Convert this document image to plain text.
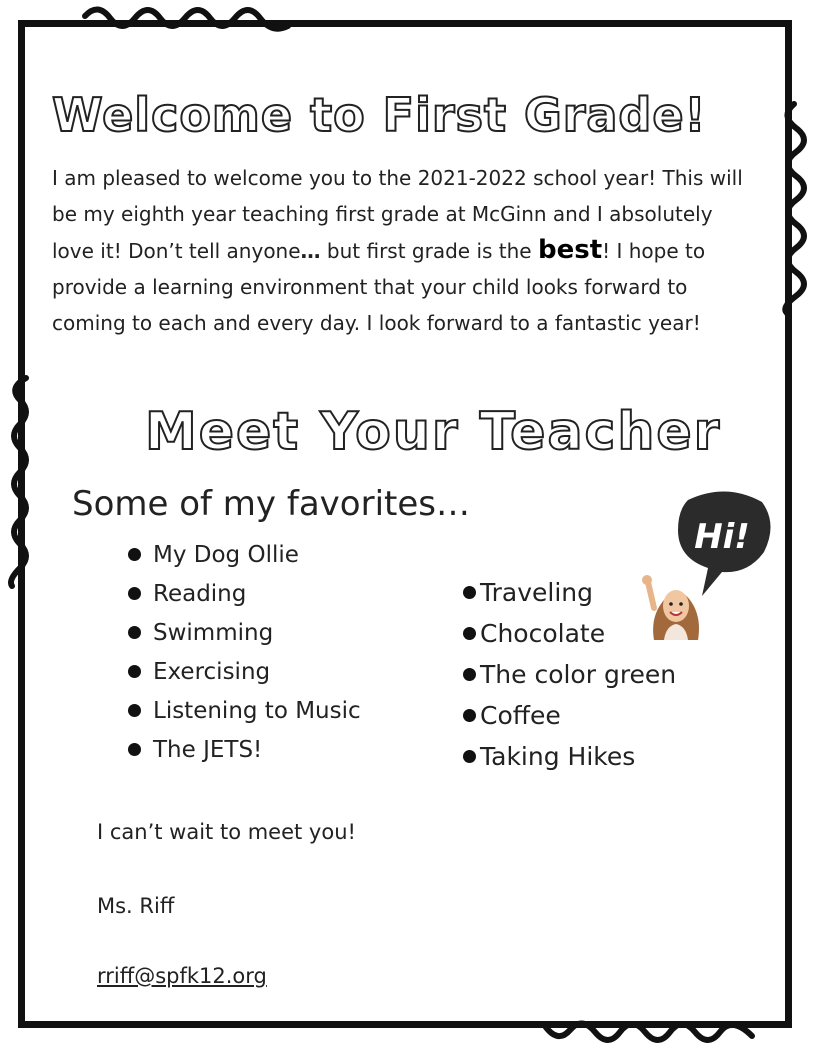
Welcome to First Grade!

I am pleased to welcome you to the 2021-2022 school year! This will be my eighth year teaching first grade at McGinn and I absolutely love it! Don’t tell anyone… but first grade is the best! I hope to provide a learning environment that your child looks forward to coming to each and every day. I look forward to a fantastic year!

Meet Your Teacher

Some of my favorites…

My Dog Ollie
Reading
Swimming
Exercising
Listening to Music
The JETS!
Traveling
Chocolate
The color green
Coffee
Taking Hikes
Hi!

I can’t wait to meet you!

Ms. Riff

rriff@spfk12.org
